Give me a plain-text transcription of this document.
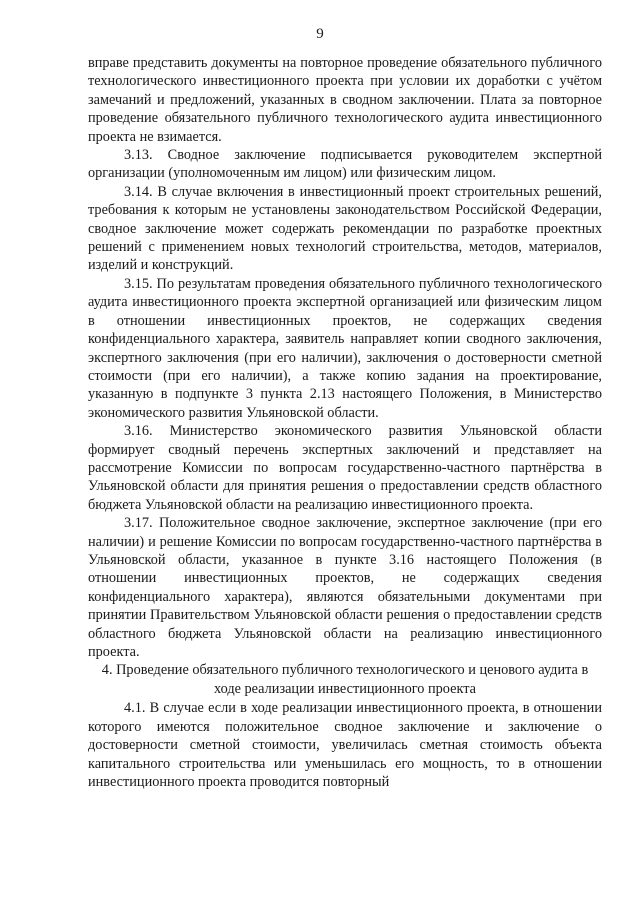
9

вправе представить документы на повторное проведение обязательного публичного технологического инвестиционного проекта при условии их доработки с учётом замечаний и предложений, указанных в сводном заключении. Плата за повторное проведение обязательного публичного технологического аудита инвестиционного проекта не взимается.

3.13. Сводное заключение подписывается руководителем экспертной организации (уполномоченным им лицом) или физическим лицом.

3.14. В случае включения в инвестиционный проект строительных решений, требования к которым не установлены законодательством Российской Федерации, сводное заключение может содержать рекомендации по разработке проектных решений с применением новых технологий строительства, методов, материалов, изделий и конструкций.

3.15. По результатам проведения обязательного публичного технологического аудита инвестиционного проекта экспертной организацией или физическим лицом в отношении инвестиционных проектов, не содержащих сведения конфиденциального характера, заявитель направляет копии сводного заключения, экспертного заключения (при его наличии), заключения о достоверности сметной стоимости (при его наличии), а также копию задания на проектирование, указанную в подпункте 3 пункта 2.13 настоящего Положения, в Министерство экономического развития Ульяновской области.

3.16. Министерство экономического развития Ульяновской области формирует сводный перечень экспертных заключений и представляет на рассмотрение Комиссии по вопросам государственно-частного партнёрства в Ульяновской области для принятия решения о предоставлении средств областного бюджета Ульяновской области на реализацию инвестиционного проекта.

3.17. Положительное сводное заключение, экспертное заключение (при его наличии) и решение Комиссии по вопросам государственно-частного партнёрства в Ульяновской области, указанное в пункте 3.16 настоящего Положения (в отношении инвестиционных проектов, не содержащих сведения конфиденциального характера), являются обязательными документами при принятии Правительством Ульяновской области решения о предоставлении средств областного бюджета Ульяновской области на реализацию инвестиционного проекта.

4. Проведение обязательного публичного технологического и ценового аудита в ходе реализации инвестиционного проекта

4.1. В случае если в ходе реализации инвестиционного проекта, в отношении которого имеются положительное сводное заключение и заключение о достоверности сметной стоимости, увеличилась сметная стоимость объекта капитального строительства или уменьшилась его мощность, то в отношении инвестиционного проекта проводится повторный
